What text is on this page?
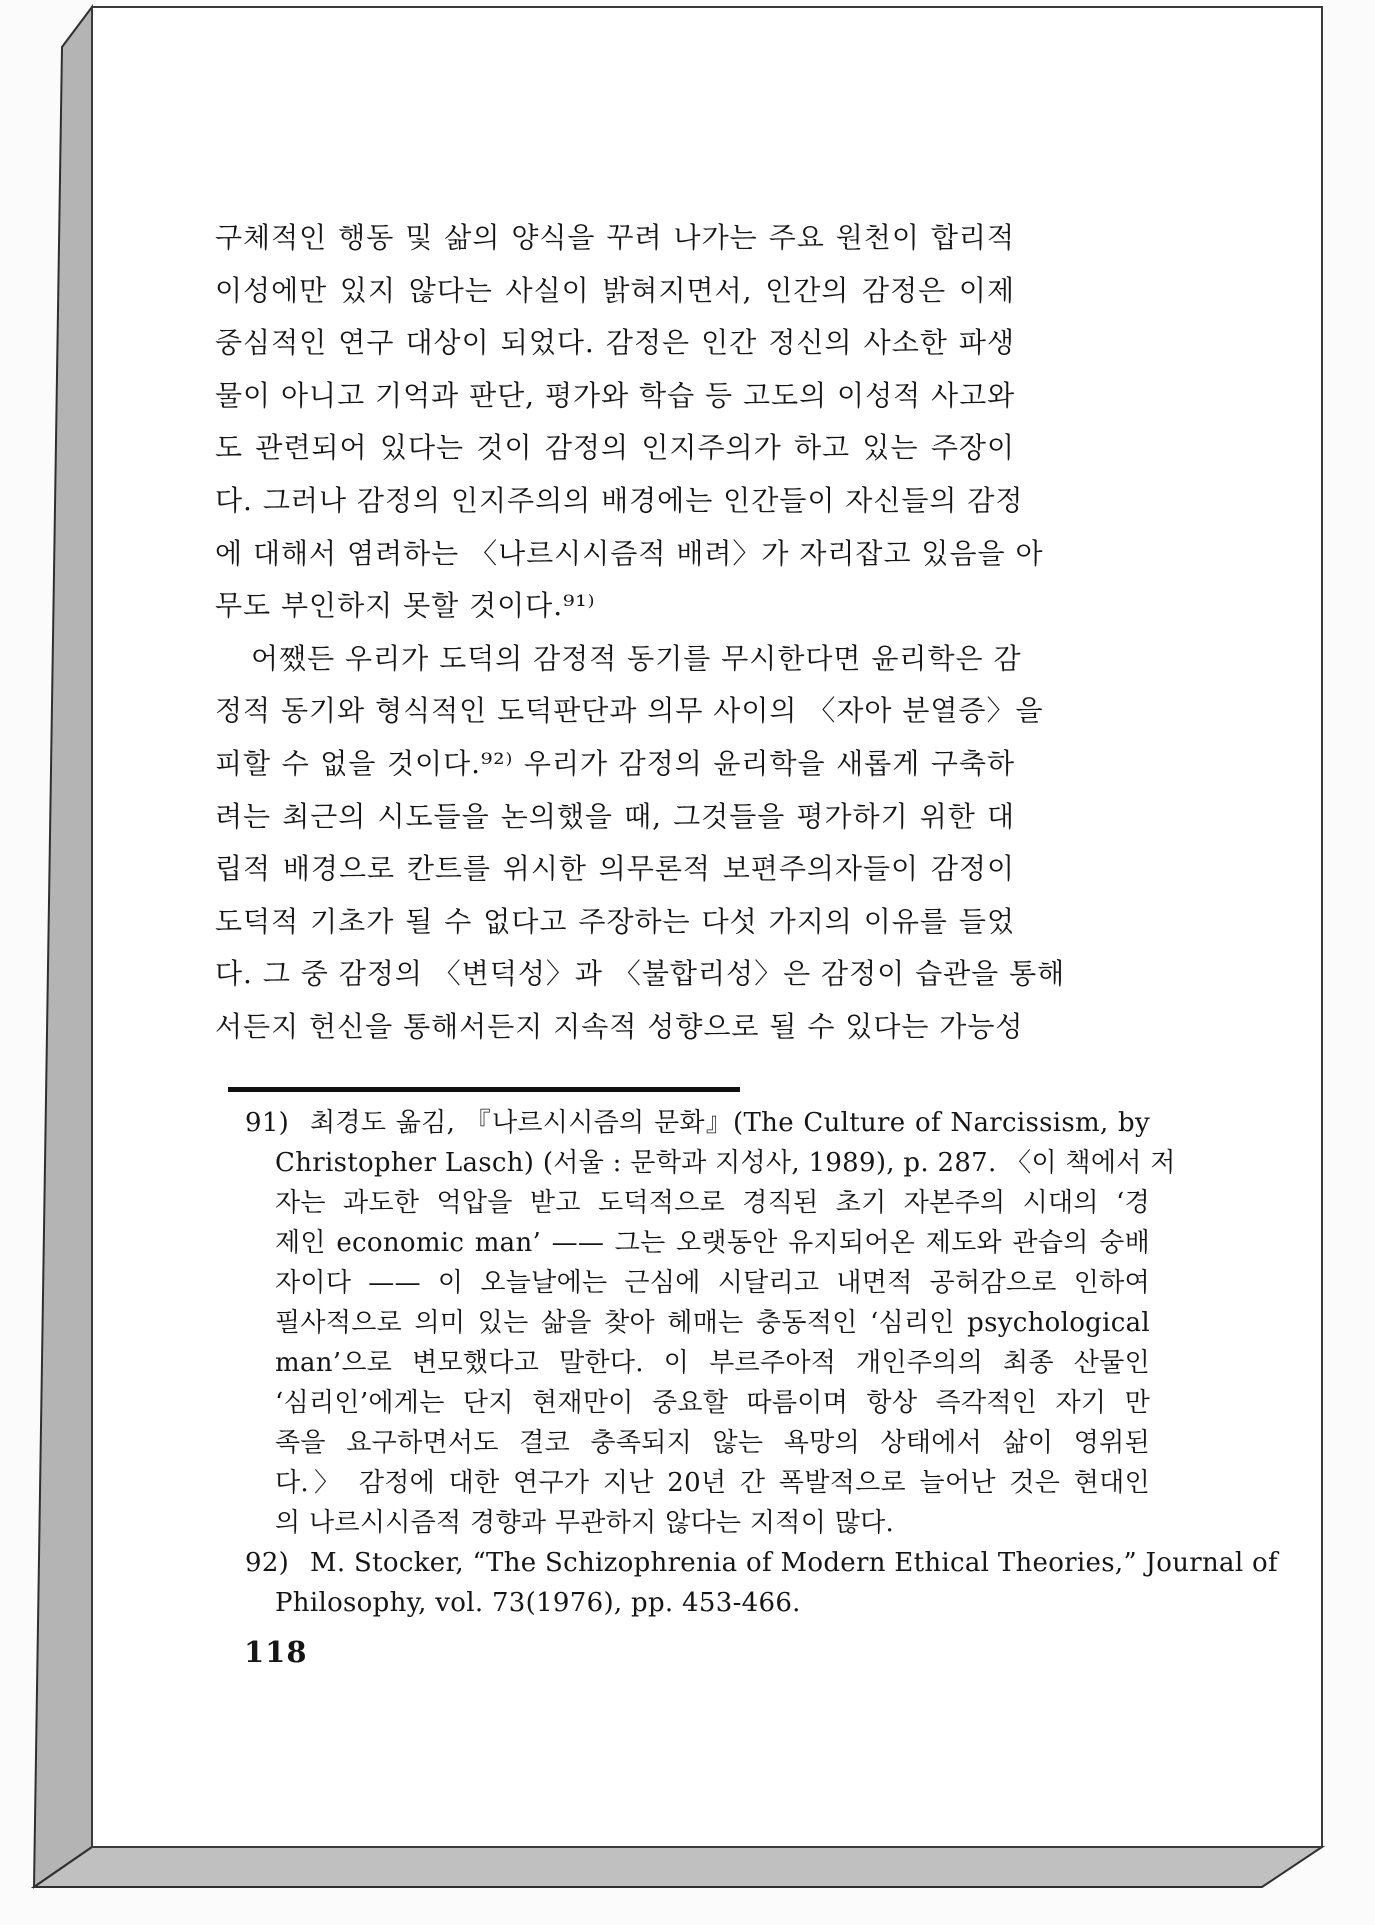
구체적인 행동 및 삶의 양식을 꾸려 나가는 주요 원천이 합리적
이성에만 있지 않다는 사실이 밝혀지면서, 인간의 감정은 이제
중심적인 연구 대상이 되었다. 감정은 인간 정신의 사소한 파생
물이 아니고 기억과 판단, 평가와 학습 등 고도의 이성적 사고와
도 관련되어 있다는 것이 감정의 인지주의가 하고 있는 주장이
다. 그러나 감정의 인지주의의 배경에는 인간들이 자신들의 감정
에 대해서 염려하는 〈나르시시즘적 배려〉가 자리잡고 있음을 아
무도 부인하지 못할 것이다.⁹¹⁾
어쨌든 우리가 도덕의 감정적 동기를 무시한다면 윤리학은 감
정적 동기와 형식적인 도덕판단과 의무 사이의 〈자아 분열증〉을
피할 수 없을 것이다.⁹²⁾ 우리가 감정의 윤리학을 새롭게 구축하
려는 최근의 시도들을 논의했을 때, 그것들을 평가하기 위한 대
립적 배경으로 칸트를 위시한 의무론적 보편주의자들이 감정이
도덕적 기초가 될 수 없다고 주장하는 다섯 가지의 이유를 들었
다. 그 중 감정의 〈변덕성〉과 〈불합리성〉은 감정이 습관을 통해
서든지 헌신을 통해서든지 지속적 성향으로 될 수 있다는 가능성
91) 최경도 옮김, 『나르시시즘의 문화』(The Culture of Narcissism, by
Christopher Lasch) (서울 : 문학과 지성사, 1989), p. 287. 〈이 책에서 저
자는 과도한 억압을 받고 도덕적으로 경직된 초기 자본주의 시대의 ‘경
제인 economic man’ —— 그는 오랫동안 유지되어온 제도와 관습의 숭배
자이다 —— 이 오늘날에는 근심에 시달리고 내면적 공허감으로 인하여
필사적으로 의미 있는 삶을 찾아 헤매는 충동적인 ‘심리인 psychological
man’으로 변모했다고 말한다. 이 부르주아적 개인주의의 최종 산물인
‘심리인’에게는 단지 현재만이 중요할 따름이며 항상 즉각적인 자기 만
족을 요구하면서도 결코 충족되지 않는 욕망의 상태에서 삶이 영위된
다.〉 감정에 대한 연구가 지난 20년 간 폭발적으로 늘어난 것은 현대인
의 나르시시즘적 경향과 무관하지 않다는 지적이 많다.
92) M. Stocker, “The Schizophrenia of Modern Ethical Theories,” Journal of
Philosophy, vol. 73(1976), pp. 453-466.
118
